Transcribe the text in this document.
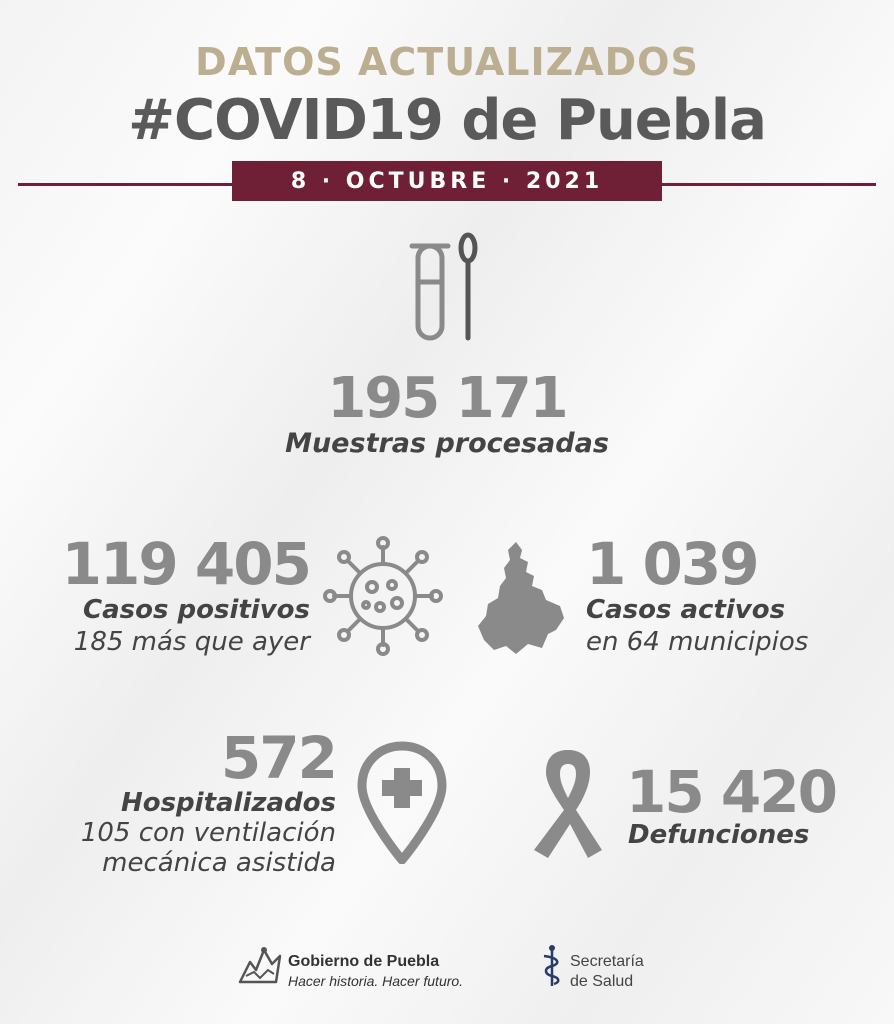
DATOS ACTUALIZADOS
#COVID19 de Puebla
8 · OCTUBRE · 2021
195 171
Muestras procesadas
119 405
Casos positivos
185 más que ayer
1 039
Casos activos
en 64 municipios
572
Hospitalizados
105 con ventilación
mecánica asistida
15 420
Defunciones
Gobierno de Puebla
Hacer historia. Hacer futuro.
Secretaría
de Salud
